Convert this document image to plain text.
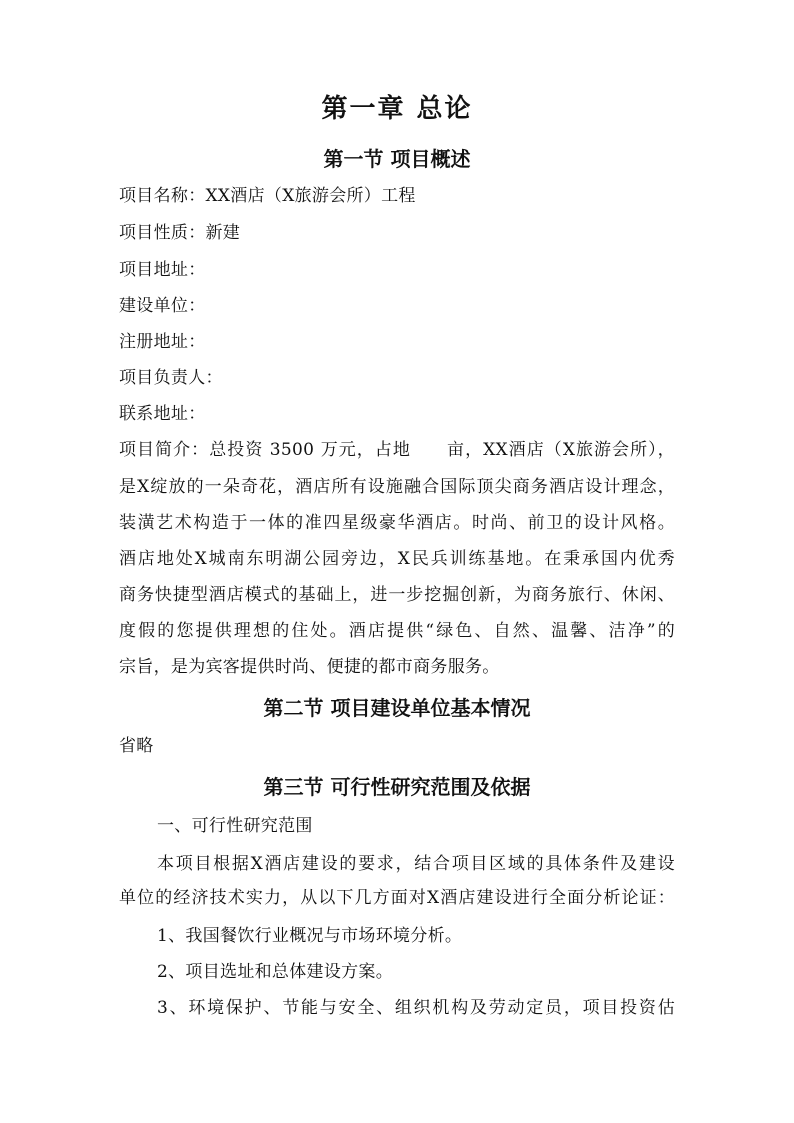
第一章 总论
第一节 项目概述
项目名称：XX酒店（X旅游会所）工程
项目性质：新建
项目地址：
建设单位：
注册地址：
项目负责人：
联系地址：
项目简介：总投资 3500 万元，占地　　亩，XX酒店（X旅游会所），
是X绽放的一朵奇花，酒店所有设施融合国际顶尖商务酒店设计理念，
装潢艺术构造于一体的准四星级豪华酒店。时尚、前卫的设计风格。
酒店地处X城南东明湖公园旁边，X民兵训练基地。在秉承国内优秀
商务快捷型酒店模式的基础上，进一步挖掘创新，为商务旅行、休闲、
度假的您提供理想的住处。酒店提供“绿色、自然、温馨、洁净”的
宗旨，是为宾客提供时尚、便捷的都市商务服务。
第二节 项目建设单位基本情况
省略
第三节 可行性研究范围及依据
一、可行性研究范围
本项目根据X酒店建设的要求，结合项目区域的具体条件及建设
单位的经济技术实力，从以下几方面对X酒店建设进行全面分析论证：
1、我国餐饮行业概况与市场环境分析。
2、项目选址和总体建设方案。
3、环境保护、节能与安全、组织机构及劳动定员，项目投资估
